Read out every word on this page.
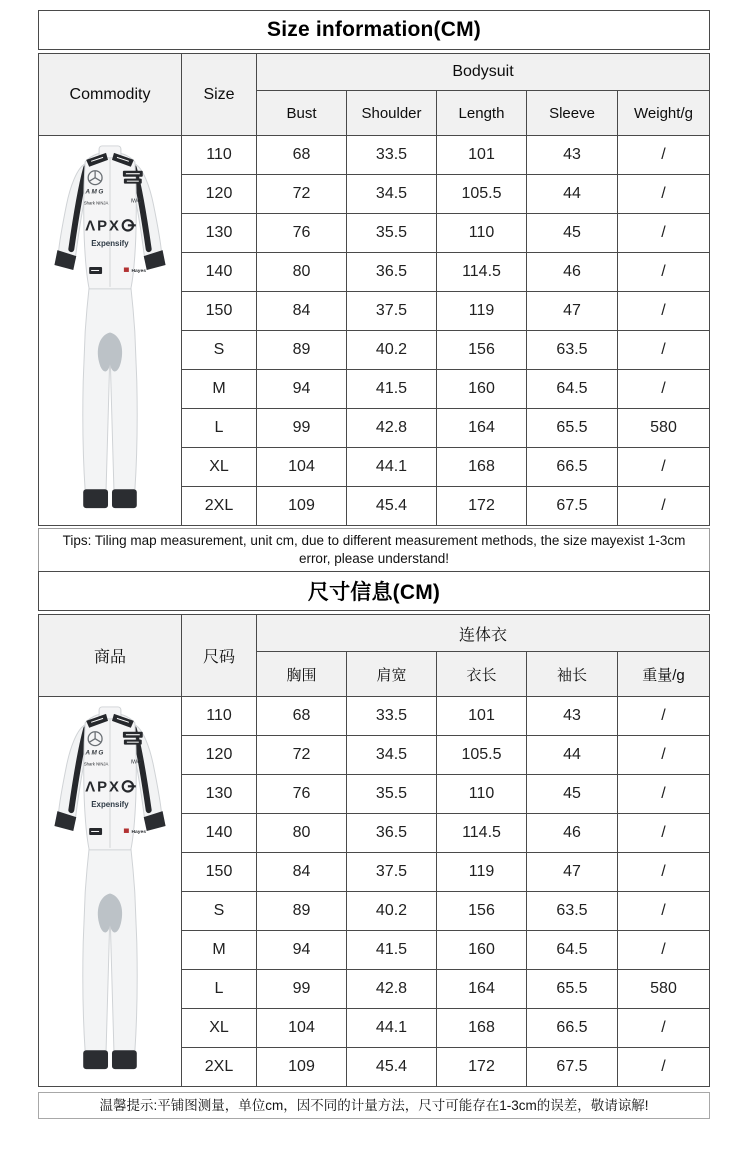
Size information(CM)
Commodity	Size
Bodysuit
Bust	Shoulder	Length	Sleeve	Weight/g
AMG
Shark NINJA	IWC
ΛPX
Expensify
Hayes
110	68	33.5	101	43	/
120	72	34.5	105.5	44	/
130	76	35.5	110	45	/
140	80	36.5	114.5	46	/
150	84	37.5	119	47	/
S	89	40.2	156	63.5	/
M	94	41.5	160	64.5	/
L	99	42.8	164	65.5	580
XL	104	44.1	168	66.5	/
2XL	109	45.4	172	67.5	/
Tips: Tiling map measurement, unit cm, due to different measurement methods, the size mayexist 1-3cm error, please understand!
尺寸信息(CM)
商品	尺码
连体衣
胸围	肩宽	衣长	袖长	重量/g
AMG
Shark NINJA	IWC
ΛPX
Expensify
Hayes
110	68	33.5	101	43	/
120	72	34.5	105.5	44	/
130	76	35.5	110	45	/
140	80	36.5	114.5	46	/
150	84	37.5	119	47	/
S	89	40.2	156	63.5	/
M	94	41.5	160	64.5	/
L	99	42.8	164	65.5	580
XL	104	44.1	168	66.5	/
2XL	109	45.4	172	67.5	/
温馨提示:平铺图测量，单位cm，因不同的计量方法，尺寸可能存在1-3cm的误差，敬请谅解!
